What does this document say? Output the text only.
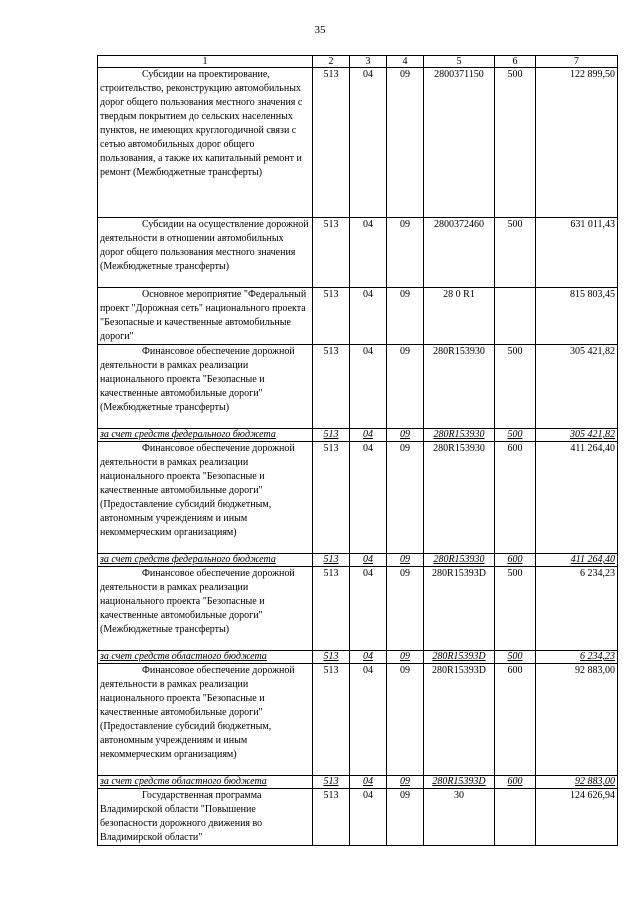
35
1	2	3	4	5	6	7
Субсидии на проектирование, строительство, реконструкцию автомобильных дорог общего пользования местного значения с твердым покрытием до сельских населенных пунктов, не имеющих круглогодичной связи с сетью автомобильных дорог общего пользования, а также их капитальный ремонт и ремонт (Межбюджетные трансферты)	513	04	09	2800371150	500	122 899,50
Субсидии на осуществление дорожной деятельности в отношении автомобильных дорог общего пользования местного значения (Межбюджетные трансферты)	513	04	09	2800372460	500	631 011,43
Основное мероприятие "Федеральный проект "Дорожная сеть" национального проекта "Безопасные и качественные автомобильные дороги"	513	04	09	28 0 R1		815 803,45
Финансовое обеспечение дорожной деятельности в рамках реализации национального проекта "Безопасные и качественные автомобильные дороги" (Межбюджетные трансферты)	513	04	09	280R153930	500	305 421,82
за счет средств федерального бюджета	513	04	09	280R153930	500	305 421,82
Финансовое обеспечение дорожной деятельности в рамках реализации национального проекта "Безопасные и качественные автомобильные дороги" (Предоставление субсидий бюджетным, автономным учреждениям и иным некоммерческим организациям)	513	04	09	280R153930	600	411 264,40
за счет средств федерального бюджета	513	04	09	280R153930	600	411 264,40
Финансовое обеспечение дорожной деятельности в рамках реализации национального проекта "Безопасные и качественные автомобильные дороги" (Межбюджетные трансферты)	513	04	09	280R15393D	500	6 234,23
за счет средств областного бюджета	513	04	09	280R15393D	500	6 234,23
Финансовое обеспечение дорожной деятельности в рамках реализации национального проекта "Безопасные и качественные автомобильные дороги" (Предоставление субсидий бюджетным, автономным учреждениям и иным некоммерческим организациям)	513	04	09	280R15393D	600	92 883,00
за счет средств областного бюджета	513	04	09	280R15393D	600	92 883,00
Государственная программа Владимирской области "Повышение безопасности дорожного движения во Владимирской области"	513	04	09	30		124 626,94
